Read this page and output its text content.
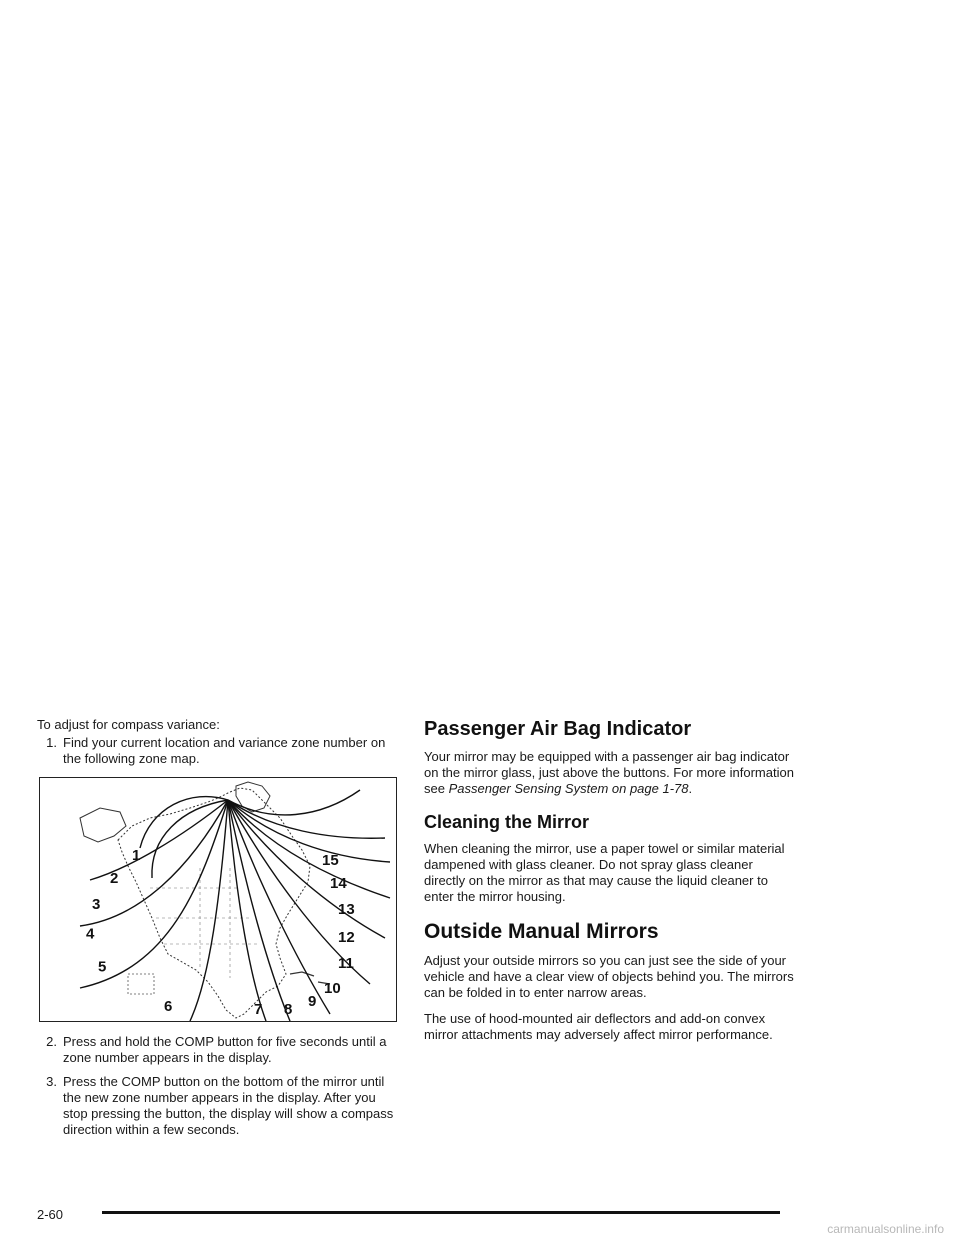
To adjust for compass variance:

1. Find your current location and variance zone number on the following zone map.
1
2
3
4
5
6	7 8 9
10
11
12
13
14
15
2. Press and hold the COMP button for five seconds until a zone number appears in the display.
3. Press the COMP button on the bottom of the mirror until the new zone number appears in the display. After you stop pressing the button, the display will show a compass direction within a few seconds.
Passenger Air Bag Indicator

Your mirror may be equipped with a passenger air bag indicator on the mirror glass, just above the buttons. For more information see Passenger Sensing System on page 1-78.

Cleaning the Mirror

When cleaning the mirror, use a paper towel or similar material dampened with glass cleaner. Do not spray glass cleaner directly on the mirror as that may cause the liquid cleaner to enter the mirror housing.

Outside Manual Mirrors

Adjust your outside mirrors so you can just see the side of your vehicle and have a clear view of objects behind you. The mirrors can be folded in to enter narrow areas.

The use of hood-mounted air deflectors and add-on convex mirror attachments may adversely affect mirror performance.

2-60
carmanualsonline.info
